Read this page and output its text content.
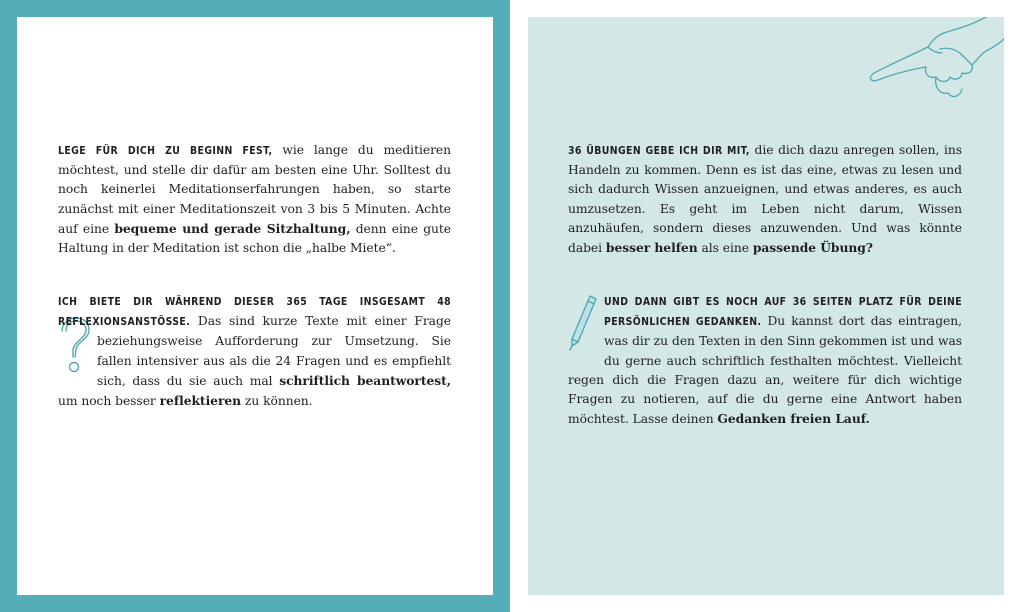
LEGE FÜR DICH ZU BEGINN FEST, wie lange du meditieren möchtest, und stelle dir dafür am besten eine Uhr. Solltest du noch keinerlei Meditationserfahrungen haben, so starte zunächst mit einer Meditationszeit von 3 bis 5 Minuten. Achte auf eine bequeme und gerade Sitzhaltung, denn eine gute Haltung in der Meditation ist schon die „halbe Miete“.

ICH BIETE DIR WÄHREND DIESER 365 TAGE INSGESAMT 48 REFLEXIONSANSTÖSSE.
Das sind kurze Texte mit einer Frage beziehungsweise Aufforderung zur Umsetzung. Sie fallen intensiver aus als die 24 Fragen und es empfiehlt sich, dass du sie auch mal schriftlich beantwortest, um noch besser reflektieren zu können.

36 ÜBUNGEN GEBE ICH DIR MIT, die dich dazu anregen sollen, ins Handeln zu kommen. Denn es ist das eine, etwas zu lesen und sich dadurch Wissen anzueignen, und etwas anderes, es auch umzusetzen. Es geht im Leben nicht darum, Wissen anzuhäufen, sondern dieses anzuwenden. Und was könnte dabei besser helfen als eine passende Übung?

UND DANN GIBT ES NOCH AUF 36 SEITEN PLATZ FÜR DEINE PERSÖNLICHEN GEDANKEN. Du kannst dort das eintragen, was dir zu den Texten in den Sinn gekommen ist und was du gerne auch schriftlich festhalten möchtest. Vielleicht regen dich die Fragen dazu an, weitere für dich wichtige Fragen zu notieren, auf die du gerne eine Antwort haben möchtest. Lasse deinen Gedanken freien Lauf.
